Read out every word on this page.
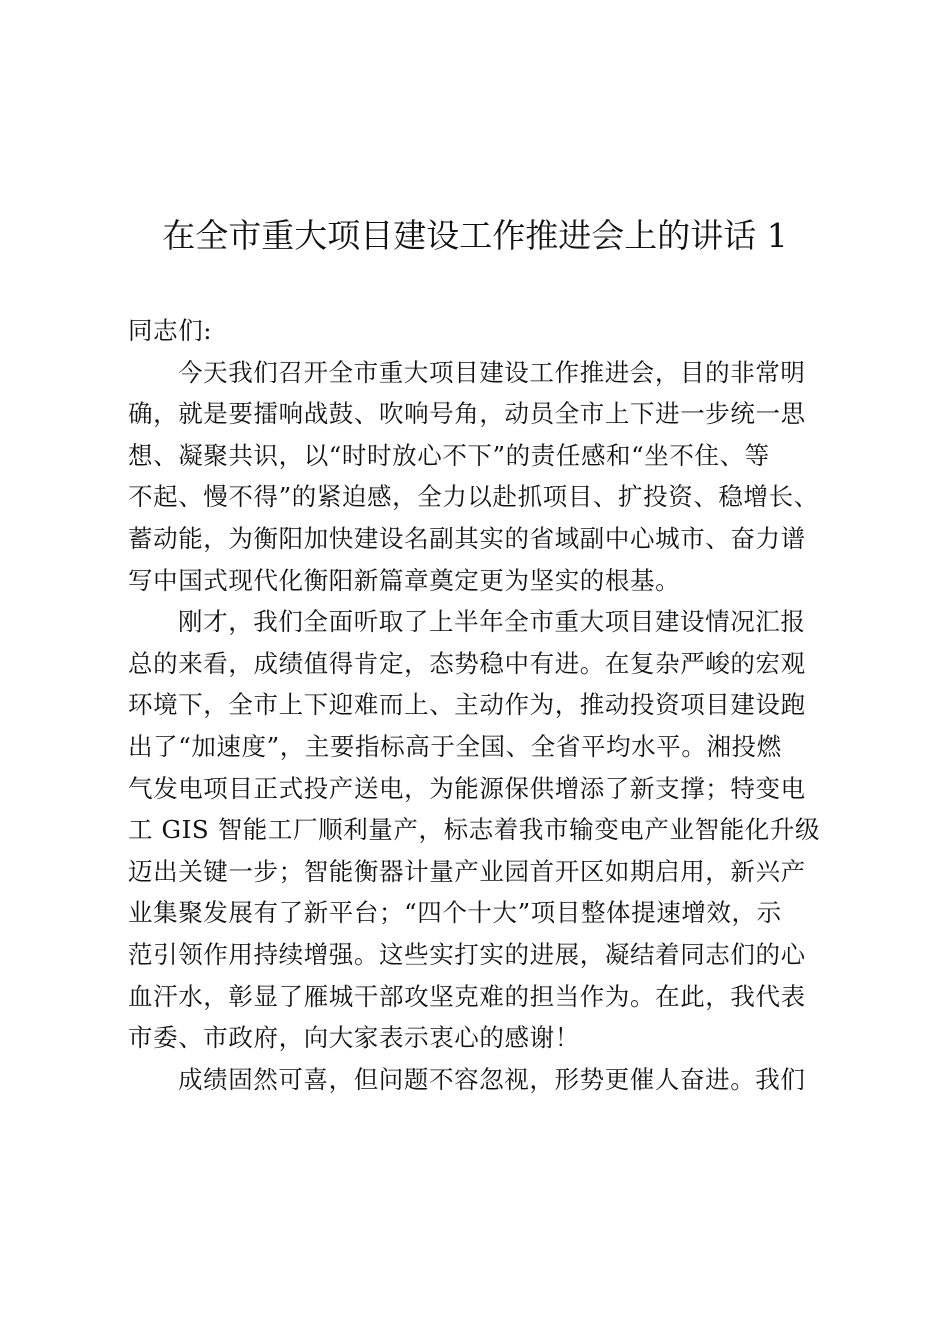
在全市重大项目建设工作推进会上的讲话 1
同志们:
今天我们召开全市重大项目建设工作推进会，目的非常明
确，就是要擂响战鼓、吹响号角，动员全市上下进一步统一思
想、凝聚共识，以“时时放心不下”的责任感和“坐不住、等
不起、慢不得”的紧迫感，全力以赴抓项目、扩投资、稳增长、
蓄动能，为衡阳加快建设名副其实的省域副中心城市、奋力谱
写中国式现代化衡阳新篇章奠定更为坚实的根基。
刚才，我们全面听取了上半年全市重大项目建设情况汇报
总的来看，成绩值得肯定，态势稳中有进。在复杂严峻的宏观
环境下，全市上下迎难而上、主动作为，推动投资项目建设跑
出了“加速度”，主要指标高于全国、全省平均水平。湘投燃
气发电项目正式投产送电，为能源保供增添了新支撑；特变电
工 GIS 智能工厂顺利量产，标志着我市输变电产业智能化升级
迈出关键一步；智能衡器计量产业园首开区如期启用，新兴产
业集聚发展有了新平台；“四个十大”项目整体提速增效，示
范引领作用持续增强。这些实打实的进展，凝结着同志们的心
血汗水，彰显了雁城干部攻坚克难的担当作为。在此，我代表
市委、市政府，向大家表示衷心的感谢！
成绩固然可喜，但问题不容忽视，形势更催人奋进。我们
